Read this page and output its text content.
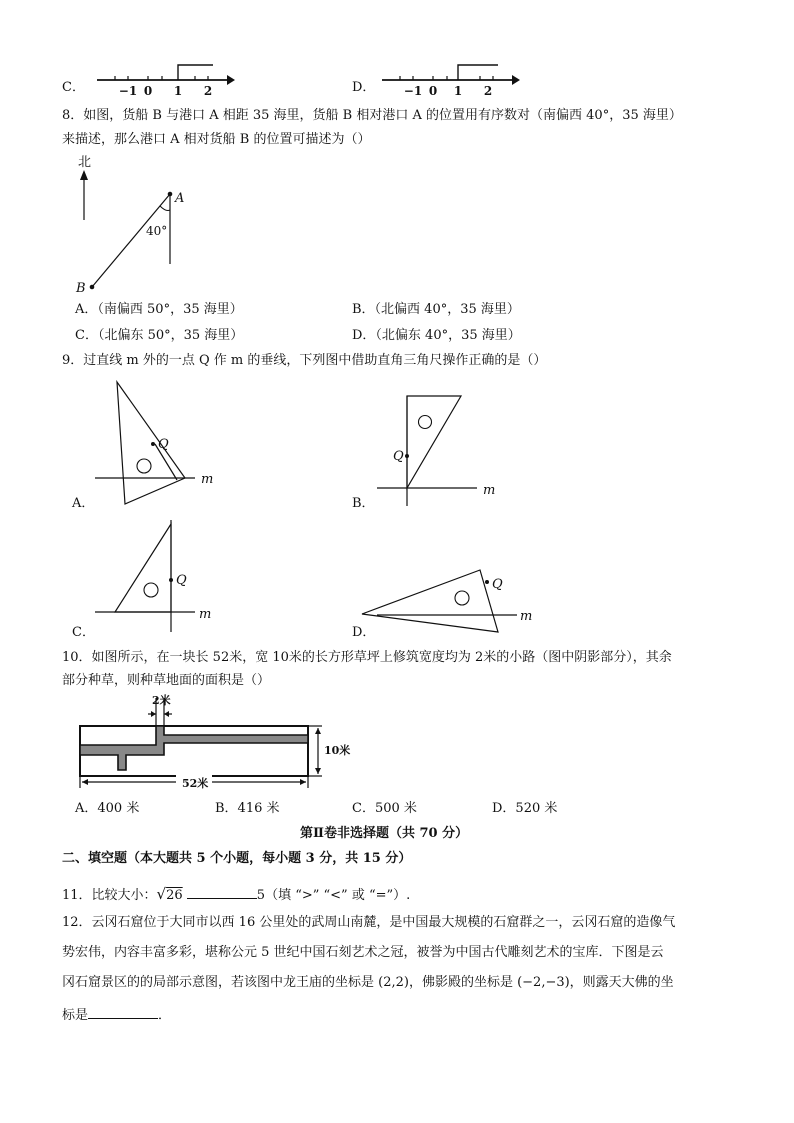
C．	−1 0 1 2	D． −1 0 1 2
8．如图，货船 B 与港口 A 相距 35 海里，货船 B 相对港口 A 的位置用有序数对（南偏西 40°，35 海里）
来描述，那么港口 A 相对货船 B 的位置可描述为（）
北
A
B
40°
A．（南偏西 50°，35 海里）	B．（北偏西 40°，35 海里）
C．（北偏东 50°，35 海里）	D．（北偏东 40°，35 海里）
9．过直线 m 外的一点 Q 作 m 的垂线，下列图中借助直角三角尺操作正确的是（）
Q
m
A．
Q
m
B．
Q
m
C．
Q
m
D．
10．如图所示，在一块长 52米，宽 10米的长方形草坪上修筑宽度均为 2米的小路（图中阴影部分），其余
部分种草，则种草地面的面积是（）
2米
10米
52米
A．400 米	B．416 米	C．500 米	D．520 米
第Ⅱ卷非选择题（共 70 分）
二、填空题（本大题共 5 个小题，每小题 3 分，共 15 分）
11．比较大小：√26	5（填 “>” “<” 或 “=”）.
12．云冈石窟位于大同市以西 16 公里处的武周山南麓，是中国最大规模的石窟群之一，云冈石窟的造像气
势宏伟，内容丰富多彩，堪称公元 5 世纪中国石刻艺术之冠，被誉为中国古代雕刻艺术的宝库．下图是云
冈石窟景区的的局部示意图，若该图中龙王庙的坐标是 (2,2)，佛影殿的坐标是 (−2,−3)，则露天大佛的坐
标是	．
